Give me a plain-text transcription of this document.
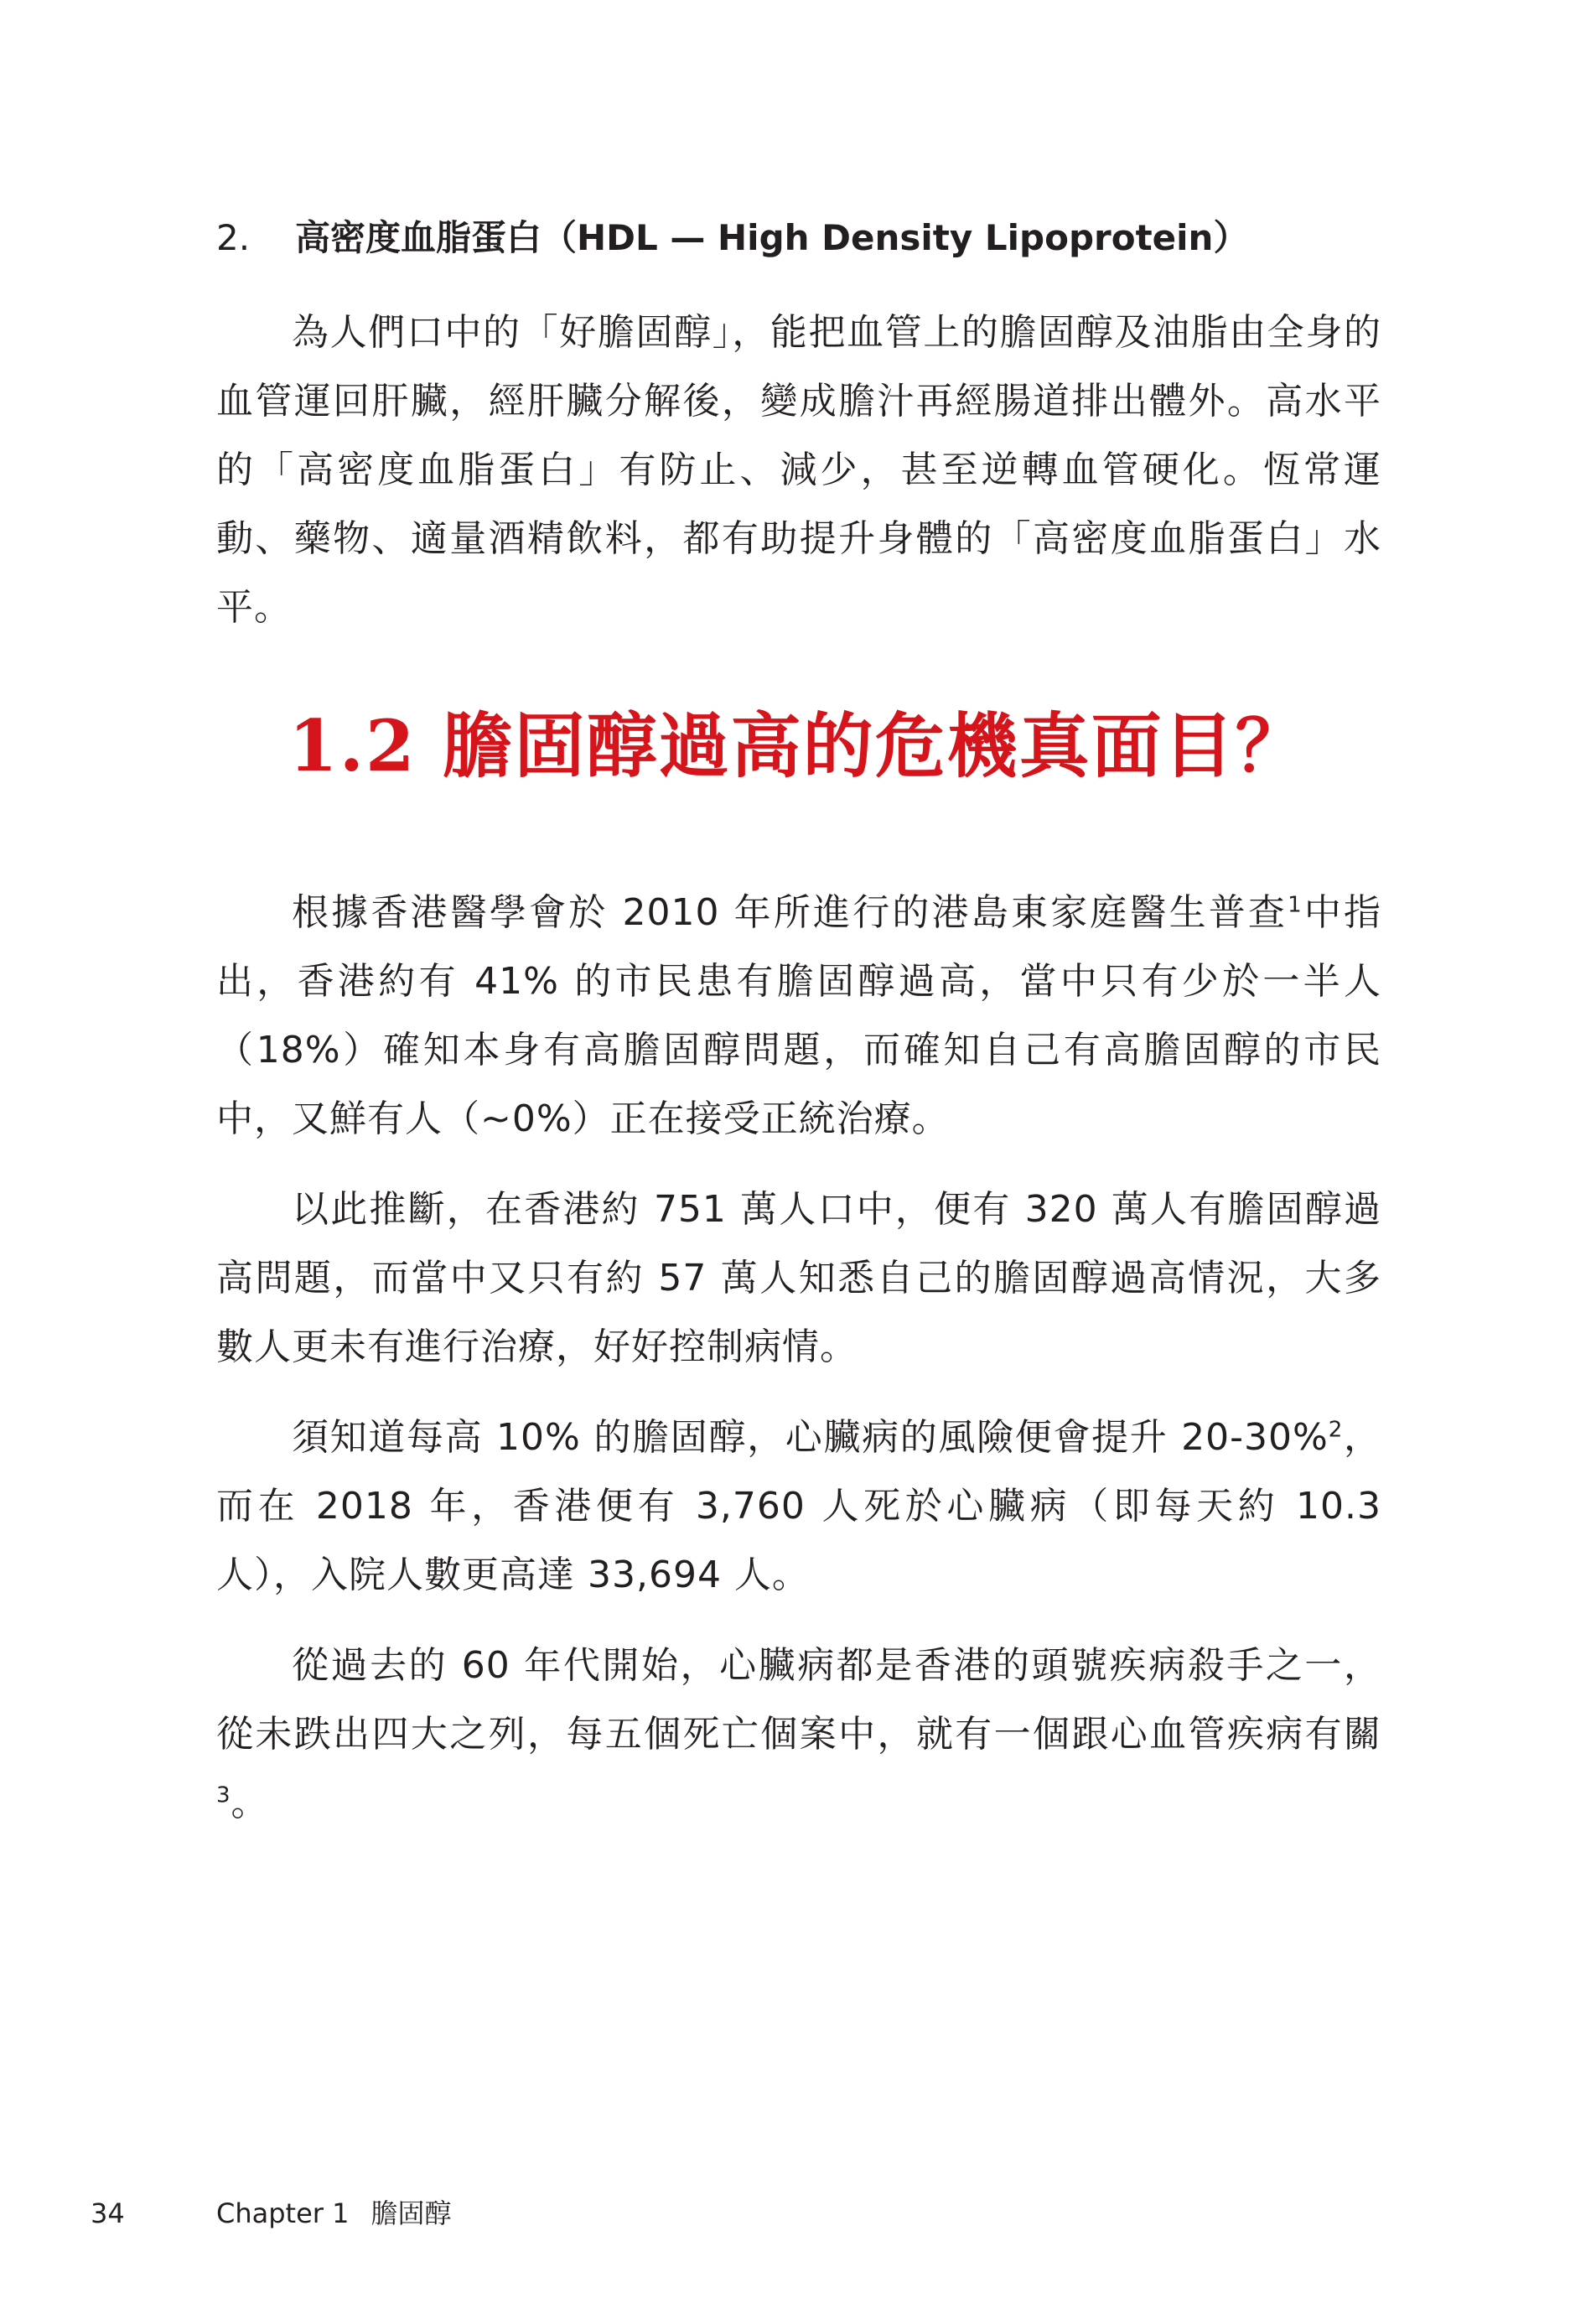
2. 高密度血脂蛋白（HDL — High Density Lipoprotein）

為人們口中的「好膽固醇」，能把血管上的膽固醇及油脂由全身的血管運回肝臟，經肝臟分解後，變成膽汁再經腸道排出體外。高水平的「高密度血脂蛋白」有防止、減少，甚至逆轉血管硬化。恆常運動、藥物、適量酒精飲料，都有助提升身體的「高密度血脂蛋白」水平。

1.2 膽固醇過高的危機真面目？

根據香港醫學會於 2010 年所進行的港島東家庭醫生普查$^1$中指出，香港約有 41% 的市民患有膽固醇過高，當中只有少於一半人（18%）確知本身有高膽固醇問題，而確知自己有高膽固醇的市民中，又鮮有人（~0%）正在接受正統治療。

以此推斷，在香港約 751 萬人口中，便有 320 萬人有膽固醇過高問題，而當中又只有約 57 萬人知悉自己的膽固醇過高情況，大多數人更未有進行治療，好好控制病情。

須知道每高 10% 的膽固醇，心臟病的風險便會提升 20-30%$^2$，而在 2018 年，香港便有 3,760 人死於心臟病（即每天約 10.3 人），入院人數更高達 33,694 人。

從過去的 60 年代開始，心臟病都是香港的頭號疾病殺手之一，從未跌出四大之列，每五個死亡個案中，就有一個跟心血管疾病有關$^3$。

34	Chapter 1 膽固醇
